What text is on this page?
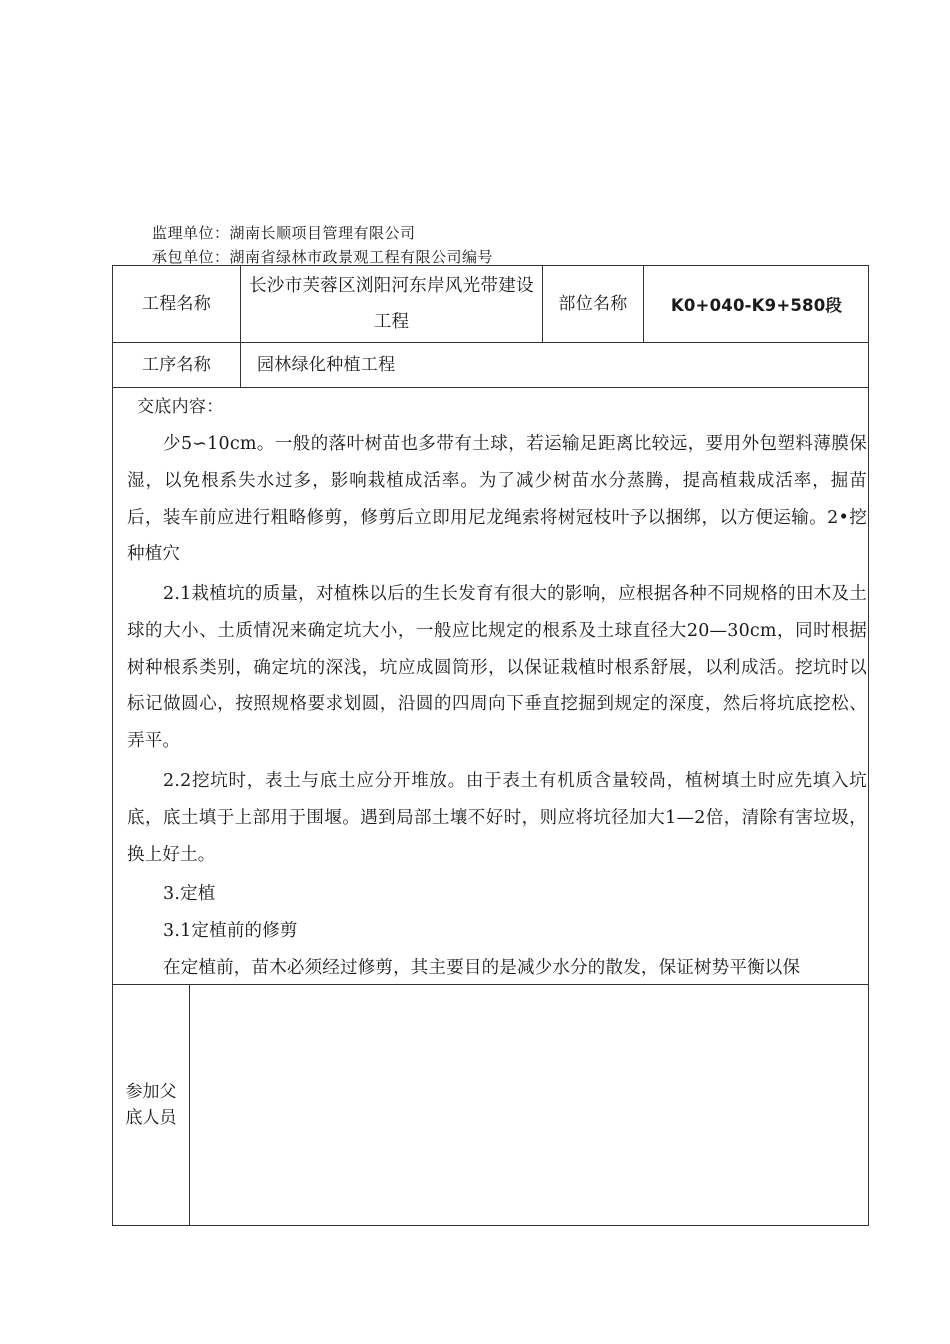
监理单位：湖南长顺项目管理有限公司
承包单位：湖南省绿林市政景观工程有限公司编号
工程名称
长沙市芙蓉区浏阳河东岸风光带建设工程
部位名称	K0+040-K9+580段
工序名称	园林绿化种植工程
交底内容：

少5∽10cm。一般的落叶树苗也多带有土球，若运输足距离比较远，要用外包塑料薄膜保湿，以免根系失水过多，影响栽植成活率。为了减少树苗水分蒸腾，提高植栽成活率，掘苗后，装车前应进行粗略修剪，修剪后立即用尼龙绳索将树冠枝叶予以捆绑，以方便运输。2•挖种植穴

2.1栽植坑的质量，对植株以后的生长发育有很大的影响，应根据各种不同规格的田木及土球的大小、土质情况来确定坑大小，一般应比规定的根系及土球直径大20—30cm，同时根据树种根系类别，确定坑的深浅，坑应成圆筒形，以保证栽植时根系舒展，以利成活。挖坑时以标记做圆心，按照规格要求划圆，沿圆的四周向下垂直挖掘到规定的深度，然后将坑底挖松、弄平。

2.2挖坑时，表土与底土应分开堆放。由于表土有机质含量较咼，植树填土时应先填入坑底，底土填于上部用于围堰。遇到局部土壤不好时，则应将坑径加大1—2倍，清除有害垃圾，换上好土。

3.定植

3.1定植前的修剪

在定植前，苗木必须经过修剪，其主要目的是减少水分的散发，保证树势平衡以保

参加父
底人员
